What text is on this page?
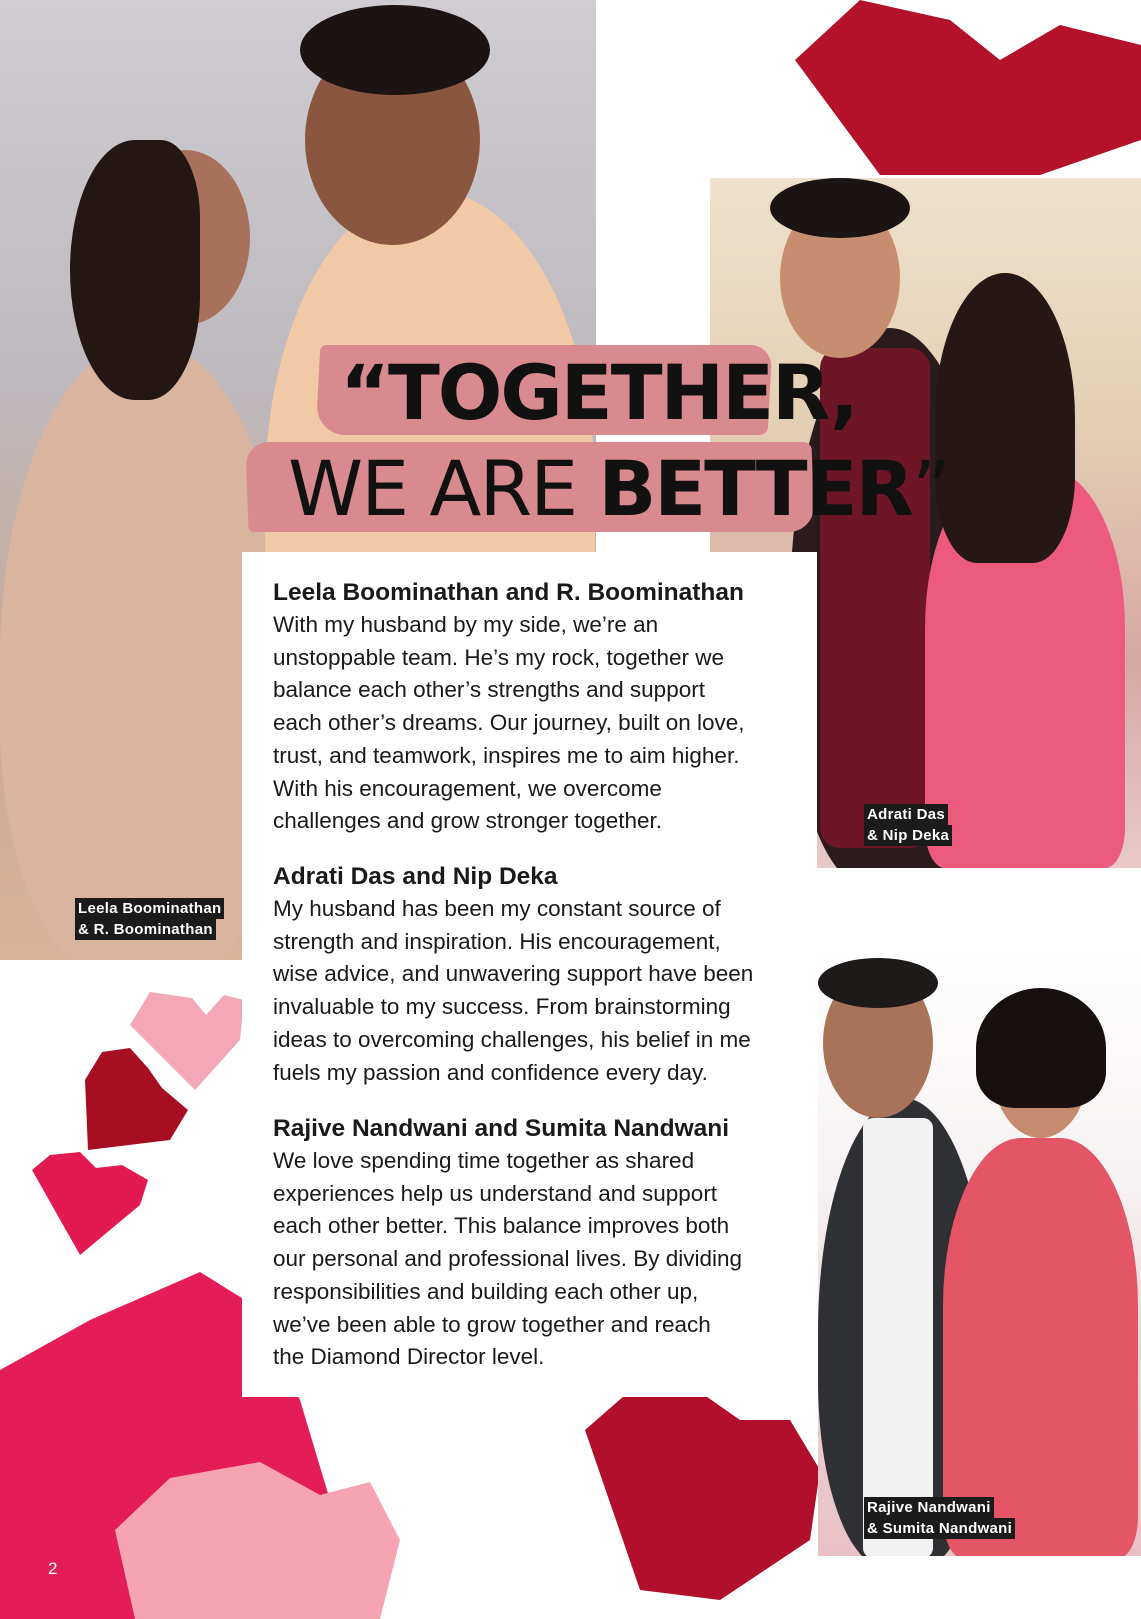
“TOGETHER,
WE ARE BETTER”
Leela Boominathan and R. Boominathan

With my husband by my side, we’re an
unstoppable team. He’s my rock, together we
balance each other’s strengths and support
each other’s dreams. Our journey, built on love,
trust, and teamwork, inspires me to aim higher.
With his encouragement, we overcome
challenges and grow stronger together.

Adrati Das and Nip Deka

My husband has been my constant source of
strength and inspiration. His encouragement,
wise advice, and unwavering support have been
invaluable to my success. From brainstorming
ideas to overcoming challenges, his belief in me
fuels my passion and confidence every day.

Rajive Nandwani and Sumita Nandwani

We love spending time together as shared
experiences help us understand and support
each other better. This balance improves both
our personal and professional lives. By dividing
responsibilities and building each other up,
we’ve been able to grow together and reach
the Diamond Director level.

Leela Boominathan
& R. Boominathan
Adrati Das
& Nip Deka
Rajive Nandwani
& Sumita Nandwani
2
